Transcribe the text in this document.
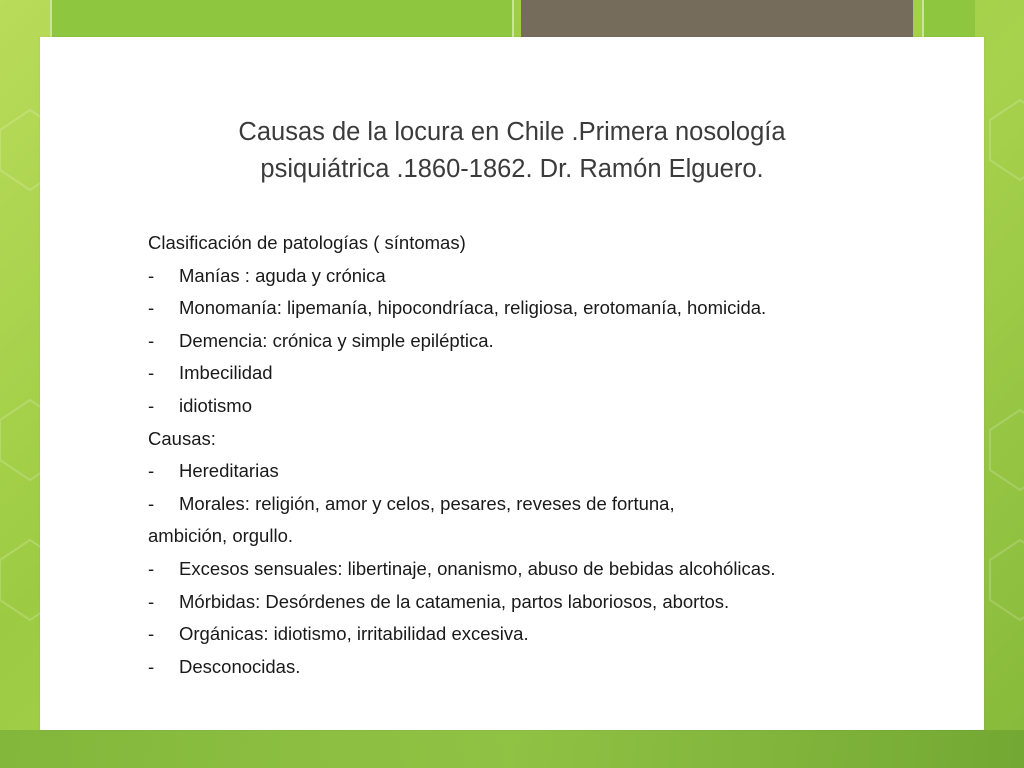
Causas de la locura en Chile .Primera nosología
psiquiátrica .1860-1862. Dr. Ramón Elguero.
Clasificación de patologías ( síntomas)
- Manías : aguda y crónica
- Monomanía: lipemanía, hipocondríaca, religiosa, erotomanía, homicida.
- Demencia: crónica y simple epiléptica.
- Imbecilidad
- idiotismo
Causas:
- Hereditarias
- Morales: religión, amor y celos, pesares, reveses de fortuna,
ambición, orgullo.
- Excesos sensuales: libertinaje, onanismo, abuso de bebidas alcohólicas.
- Mórbidas: Desórdenes de la catamenia, partos laboriosos, abortos.
- Orgánicas: idiotismo, irritabilidad excesiva.
- Desconocidas.
